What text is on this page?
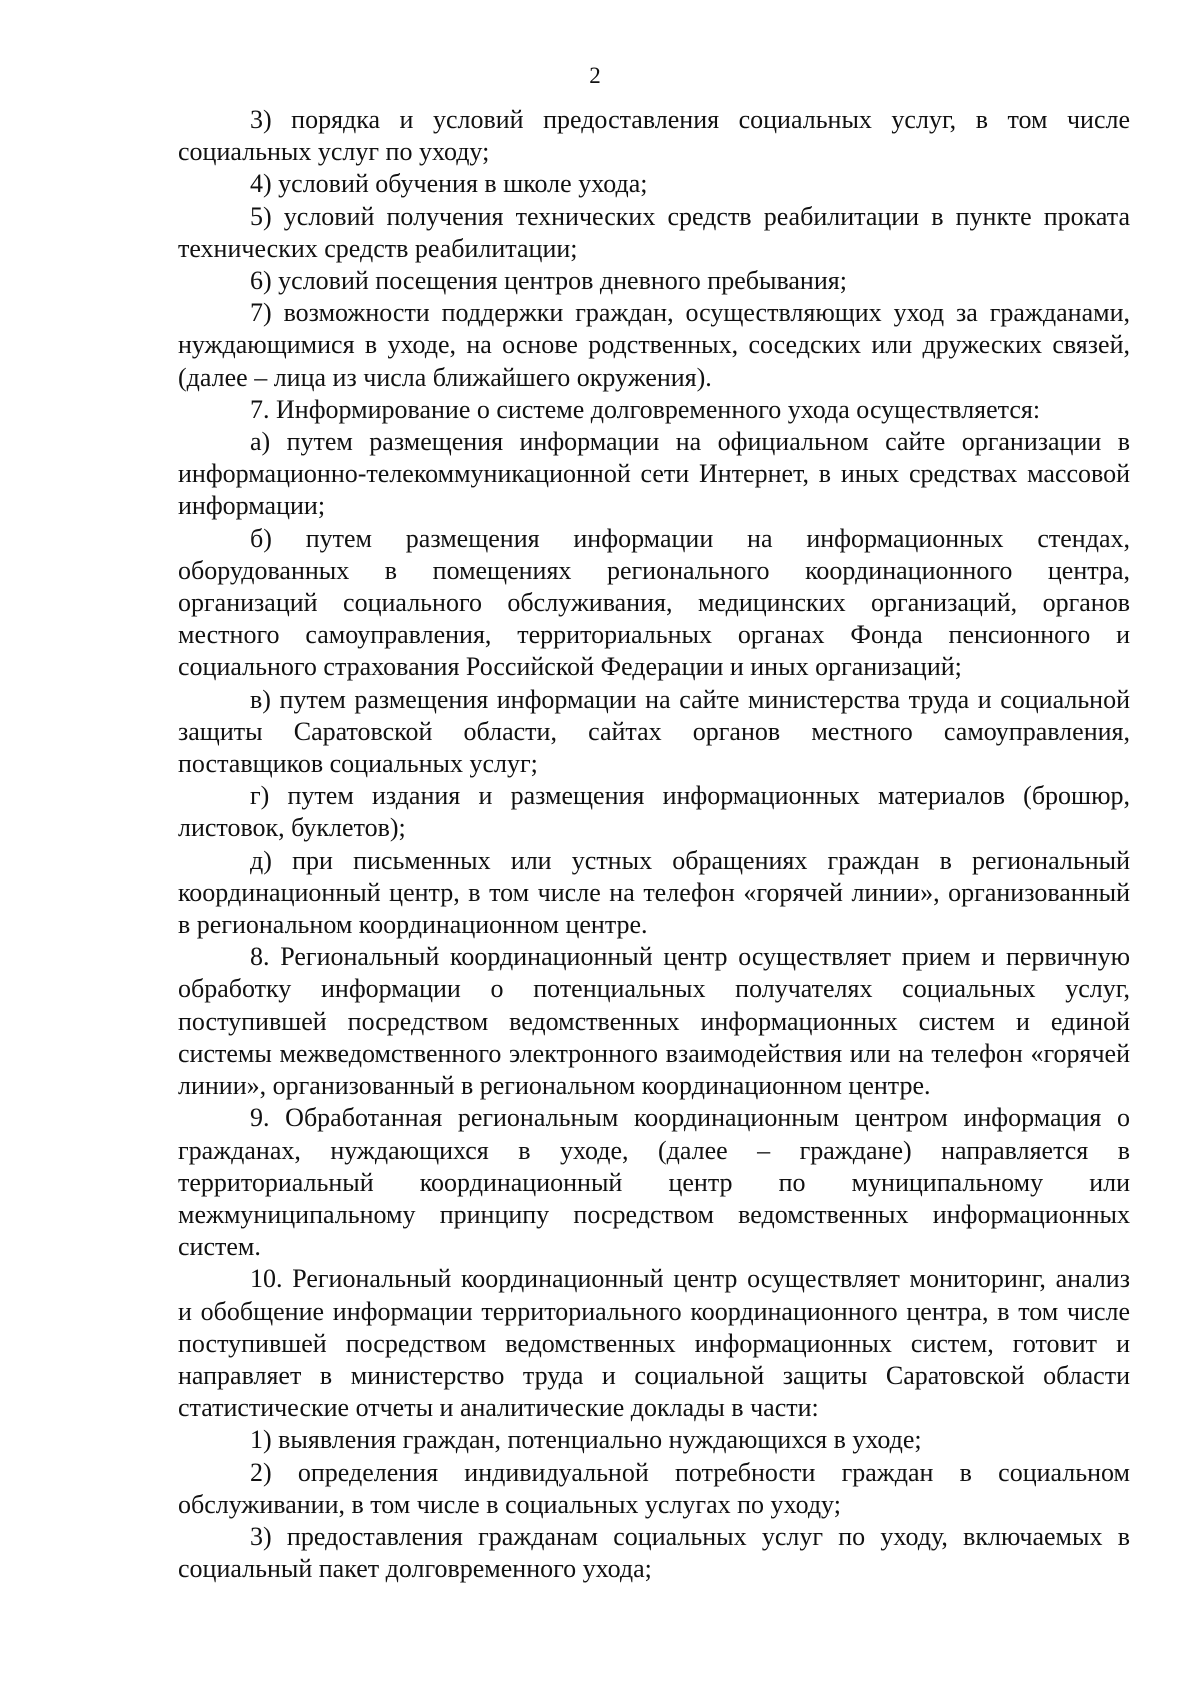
2

3) порядка и условий предоставления социальных услуг, в том числе социальных услуг по уходу;

4) условий обучения в школе ухода;

5) условий получения технических средств реабилитации в пункте проката технических средств реабилитации;

6) условий посещения центров дневного пребывания;

7) возможности поддержки граждан, осуществляющих уход за гражданами, нуждающимися в уходе, на основе родственных, соседских или дружеских связей, (далее – лица из числа ближайшего окружения).

7. Информирование о системе долговременного ухода осуществляется:

а) путем размещения информации на официальном сайте организации в информационно-телекоммуникационной сети Интернет, в иных средствах массовой информации;

б) путем размещения информации на информационных стендах, оборудованных в помещениях регионального координационного центра, организаций социального обслуживания, медицинских организаций, органов местного самоуправления, территориальных органах Фонда пенсионного и социального страхования Российской Федерации и иных организаций;

в) путем размещения информации на сайте министерства труда и социальной защиты Саратовской области, сайтах органов местного самоуправления, поставщиков социальных услуг;

г) путем издания и размещения информационных материалов (брошюр, листовок, буклетов);

д) при письменных или устных обращениях граждан в региональный координационный центр, в том числе на телефон «горячей линии», организованный в региональном координационном центре.

8. Региональный координационный центр осуществляет прием и первичную обработку информации о потенциальных получателях социальных услуг, поступившей посредством ведомственных информационных систем и единой системы межведомственного электронного взаимодействия или на телефон «горячей линии», организованный в региональном координационном центре.

9. Обработанная региональным координационным центром информация о гражданах, нуждающихся в уходе, (далее – граждане) направляется в территориальный координационный центр по муниципальному или межмуниципальному принципу посредством ведомственных информационных систем.

10. Региональный координационный центр осуществляет мониторинг, анализ и обобщение информации территориального координационного центра, в том числе поступившей посредством ведомственных информационных систем, готовит и направляет в министерство труда и социальной защиты Саратовской области статистические отчеты и аналитические доклады в части:

1) выявления граждан, потенциально нуждающихся в уходе;

2) определения индивидуальной потребности граждан в социальном обслуживании, в том числе в социальных услугах по уходу;

3) предоставления гражданам социальных услуг по уходу, включаемых в социальный пакет долговременного ухода;
